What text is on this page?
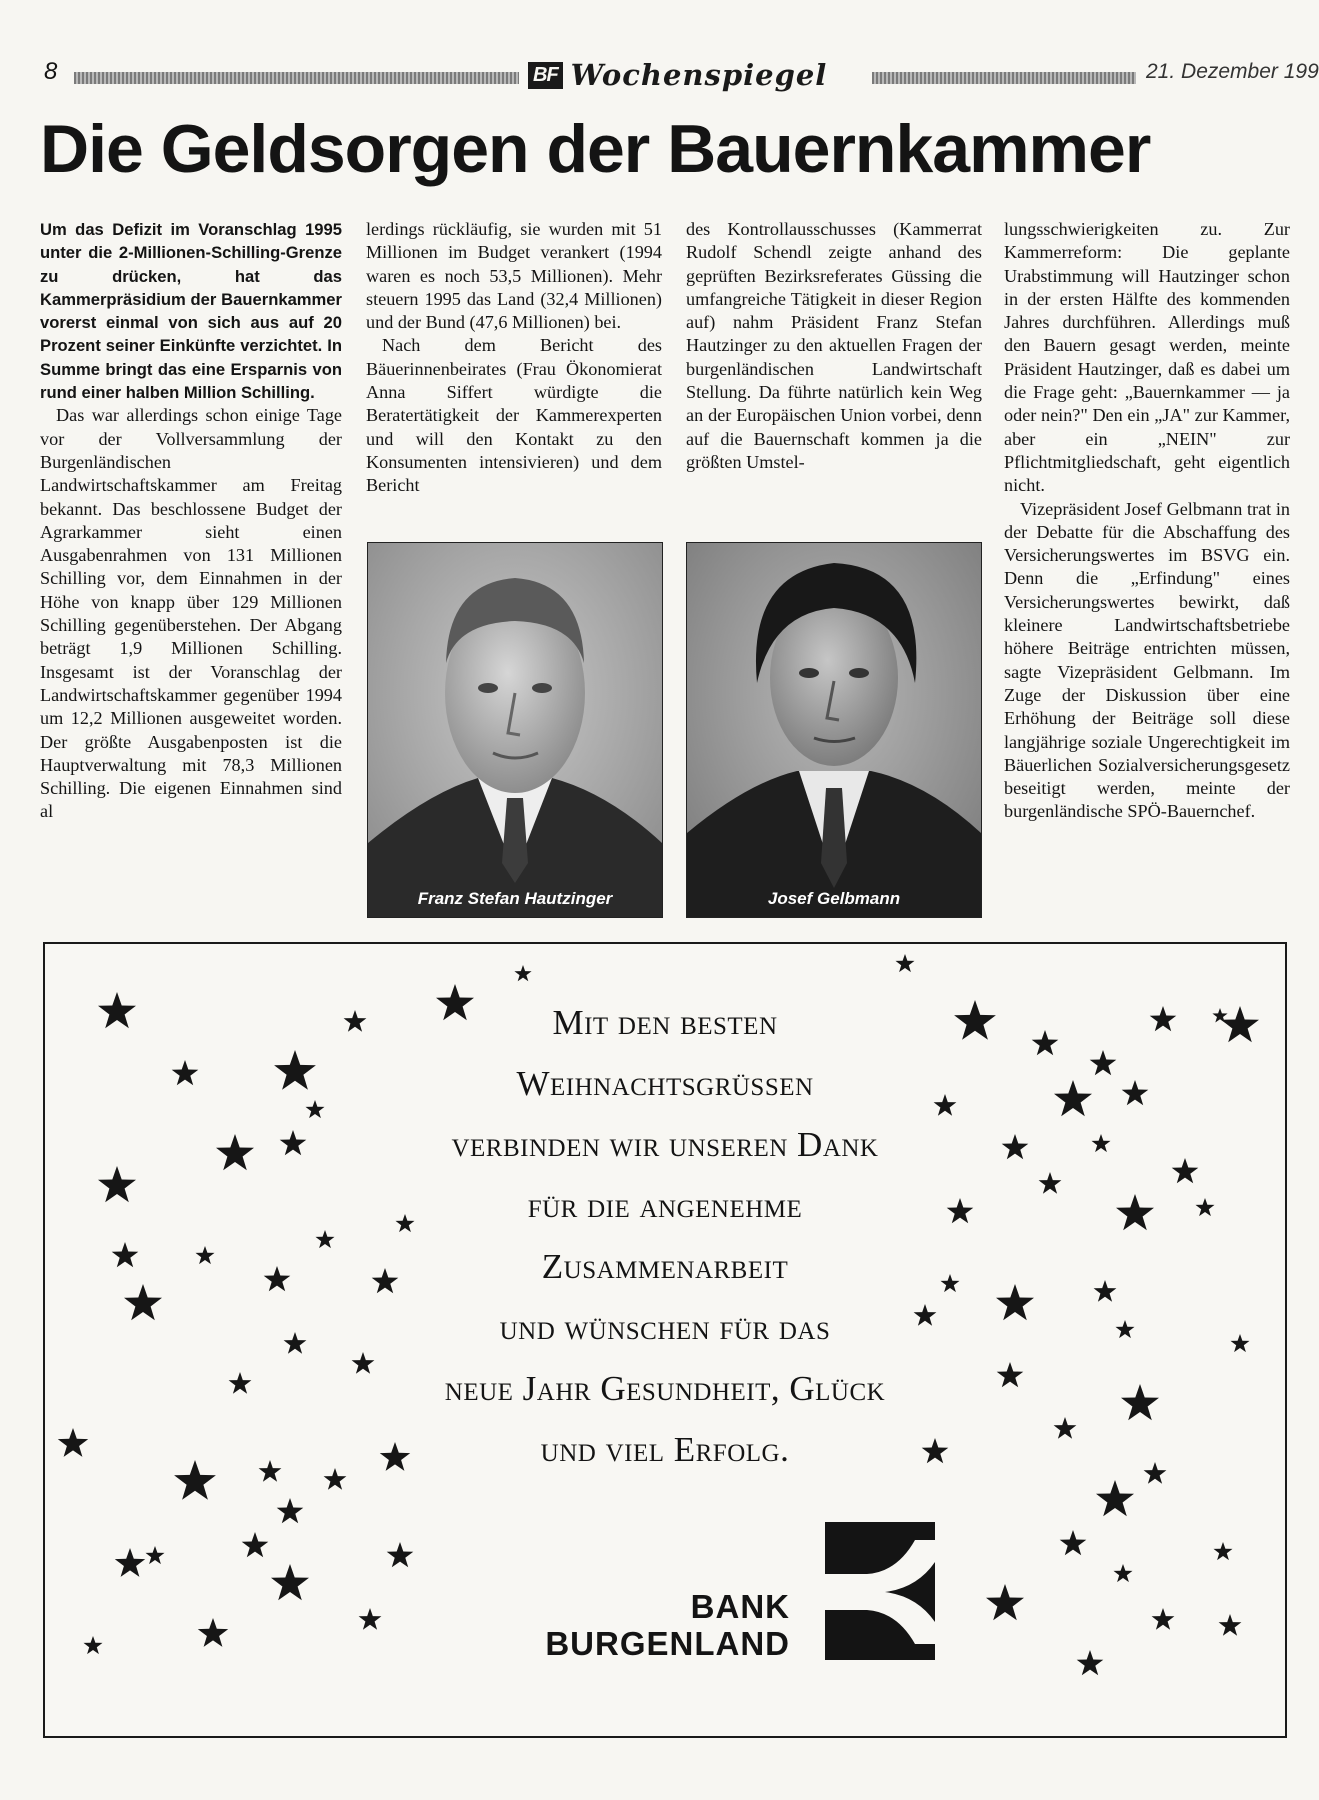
8	BF Wochenspiegel	21. Dezember 199
Die Geldsorgen der Bauernkammer

Um das Defizit im Voranschlag 1995 unter die 2-Millionen-Schilling-Grenze zu drücken, hat das Kammerpräsidium der Bauernkammer vorerst einmal von sich aus auf 20 Prozent seiner Einkünfte verzichtet. In Summe bringt das eine Ersparnis von rund einer halben Million Schilling.

Das war allerdings schon einige Tage vor der Vollversammlung der Burgenländischen Landwirtschaftskammer am Freitag bekannt. Das beschlossene Budget der Agrarkammer sieht einen Ausgabenrahmen von 131 Millionen Schilling vor, dem Einnahmen in der Höhe von knapp über 129 Millionen Schilling gegenüberstehen. Der Abgang beträgt 1,9 Millionen Schilling. Insgesamt ist der Voranschlag der Landwirtschaftskammer gegenüber 1994 um 12,2 Millionen ausgeweitet worden. Der größte Ausgabenposten ist die Hauptverwaltung mit 78,3 Millionen Schilling. Die eigenen Einnahmen sind al

lerdings rückläufig, sie wurden mit 51 Millionen im Budget verankert (1994 waren es noch 53,5 Millionen). Mehr steuern 1995 das Land (32,4 Millionen) und der Bund (47,6 Millionen) bei.
Nach dem Bericht des Bäuerinnenbeirates (Frau Ökonomierat Anna Siffert würdigte die Beratertätigkeit der Kammerexperten und will den Kontakt zu den Konsumenten intensivieren) und dem Bericht

des Kontrollausschusses (Kammerrat Rudolf Schendl zeigte anhand des geprüften Bezirksreferates Güssing die umfangreiche Tätigkeit in dieser Region auf) nahm Präsident Franz Stefan Hautzinger zu den aktuellen Fragen der burgenländischen Landwirtschaft Stellung. Da führte natürlich kein Weg an der Europäischen Union vorbei, denn auf die Bauernschaft kommen ja die größten Umstel-

lungsschwierigkeiten zu. Zur Kammerreform: Die geplante Urabstimmung will Hautzinger schon in der ersten Hälfte des kommenden Jahres durchführen. Allerdings muß den Bauern gesagt werden, meinte Präsident Hautzinger, daß es dabei um die Frage geht: „Bauernkammer — ja oder nein?" Den ein „JA" zur Kammer, aber ein „NEIN" zur Pflichtmitgliedschaft, geht eigentlich nicht.
Vizepräsident Josef Gelbmann trat in der Debatte für die Abschaffung des Versicherungswertes im BSVG ein. Denn die „Erfindung" eines Versicherungswertes bewirkt, daß kleinere Landwirtschaftsbetriebe höhere Beiträge entrichten müssen, sagte Vizepräsident Gelbmann. Im Zuge der Diskussion über eine Erhöhung der Beiträge soll diese langjährige soziale Ungerechtigkeit im Bäuerlichen Sozialversicherungsgesetz beseitigt werden, meinte der burgenländische SPÖ-Bauernchef.

Franz Stefan Hautzinger	Josef Gelbmann
Mit den besten
Weihnachtsgrüssen
verbinden wir unseren Dank
für die angenehme
Zusammenarbeit
und wünschen für das
neue Jahr Gesundheit, Glück
und viel Erfolg.
BANK
BURGENLAND
